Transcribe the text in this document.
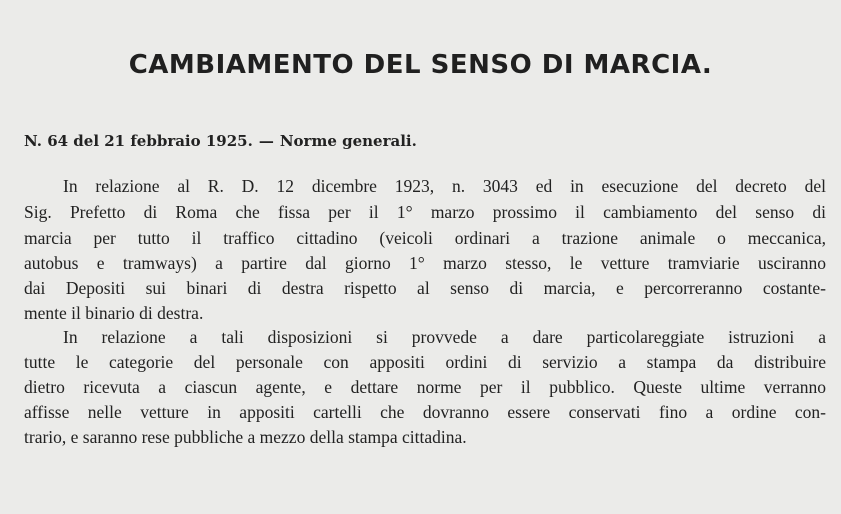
CAMBIAMENTO DEL SENSO DI MARCIA.
N. 64 del 21 febbraio 1925. — Norme generali.
In relazione al R. D. 12 dicembre 1923, n. 3043 ed in esecuzione del decreto del
Sig. Prefetto di Roma che fissa per il 1° marzo prossimo il cambiamento del senso di
marcia per tutto il traffico cittadino (veicoli ordinari a trazione animale o meccanica,
autobus e tramways) a partire dal giorno 1° marzo stesso, le vetture tramviarie usciranno
dai Depositi sui binari di destra rispetto al senso di marcia, e percorreranno costante-
mente il binario di destra.
In relazione a tali disposizioni si provvede a dare particolareggiate istruzioni a
tutte le categorie del personale con appositi ordini di servizio a stampa da distribuire
dietro ricevuta a ciascun agente, e dettare norme per il pubblico. Queste ultime verranno
affisse nelle vetture in appositi cartelli che dovranno essere conservati fino a ordine con-
trario, e saranno rese pubbliche a mezzo della stampa cittadina.
